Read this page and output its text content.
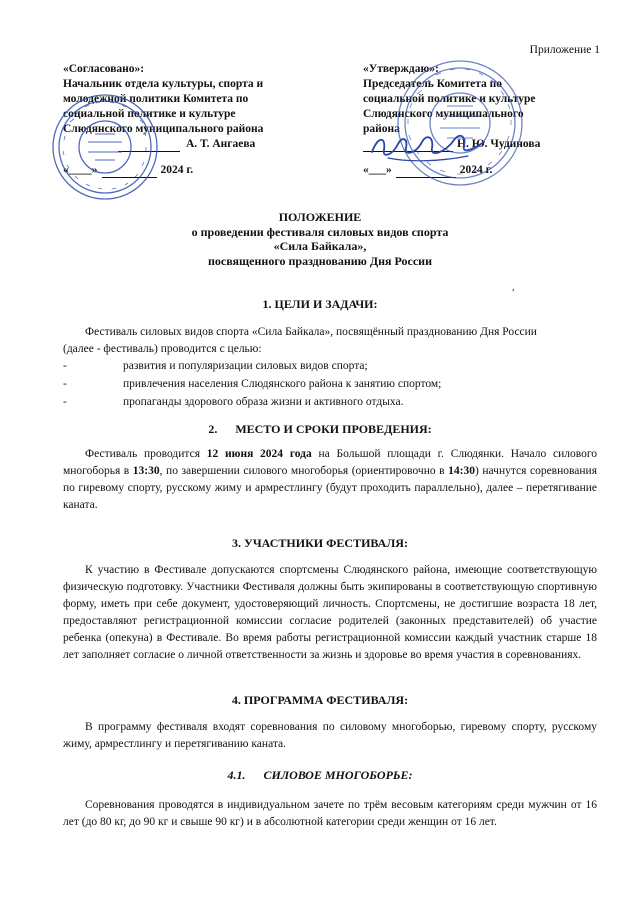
Приложение 1
«Согласовано»:
Начальник отдела культуры, спорта и
молодежной политики Комитета по
социальной политике и культуре
Слюдянского муниципального района
А. Т. Ангаева
«____»	2024 г.
«Утверждаю»:
Председатель Комитета по
социальной политике и культуре
Слюдянского муниципального
района
Н. Ю. Чудинова
«___»	2024 г.
ПОЛОЖЕНИЕ
о проведении фестиваля силовых видов спорта
«Сила Байкала»,
посвященного празднованию Дня России
,
1. ЦЕЛИ И ЗАДАЧИ:
Фестиваль силовых видов спорта «Сила Байкала», посвящённый празднованию Дня России
(далее - фестиваль) проводится с целью:
-	развития и популяризации силовых видов спорта;
-	привлечения населения Слюдянского района к занятию спортом;
-	пропаганды здорового образа жизни и активного отдыха.
2. МЕСТО И СРОКИ ПРОВЕДЕНИЯ:
Фестиваль проводится 12 июня 2024 года на Большой площади г. Слюдянки. Начало силового многоборья в 13:30, по завершении силового многоборья (ориентировочно в 14:30) начнутся соревнования по гиревому спорту, русскому жиму и армрестлингу (будут проходить параллельно), далее – перетягивание каната.
3. УЧАСТНИКИ ФЕСТИВАЛЯ:
К участию в Фестивале допускаются спортсмены Слюдянского района, имеющие соответствующую физическую подготовку. Участники Фестиваля должны быть экипированы в соответствующую спортивную форму, иметь при себе документ, удостоверяющий личность. Спортсмены, не достигшие возраста 18 лет, предоставляют регистрационной комиссии согласие родителей (законных представителей) об участие ребенка (опекуна) в Фестивале. Во время работы регистрационной комиссии каждый участник старше 18 лет заполняет согласие о личной ответственности за жизнь и здоровье во время участия в соревнованиях.
4. ПРОГРАММА ФЕСТИВАЛЯ:
В программу фестиваля входят соревнования по силовому многоборью, гиревому спорту, русскому жиму, армрестлингу и перетягиванию каната.
4.1. СИЛОВОЕ МНОГОБОРЬЕ:
Соревнования проводятся в индивидуальном зачете по трём весовым категориям среди мужчин от 16 лет (до 80 кг, до 90 кг и свыше 90 кг) и в абсолютной категории среди женщин от 16 лет.
